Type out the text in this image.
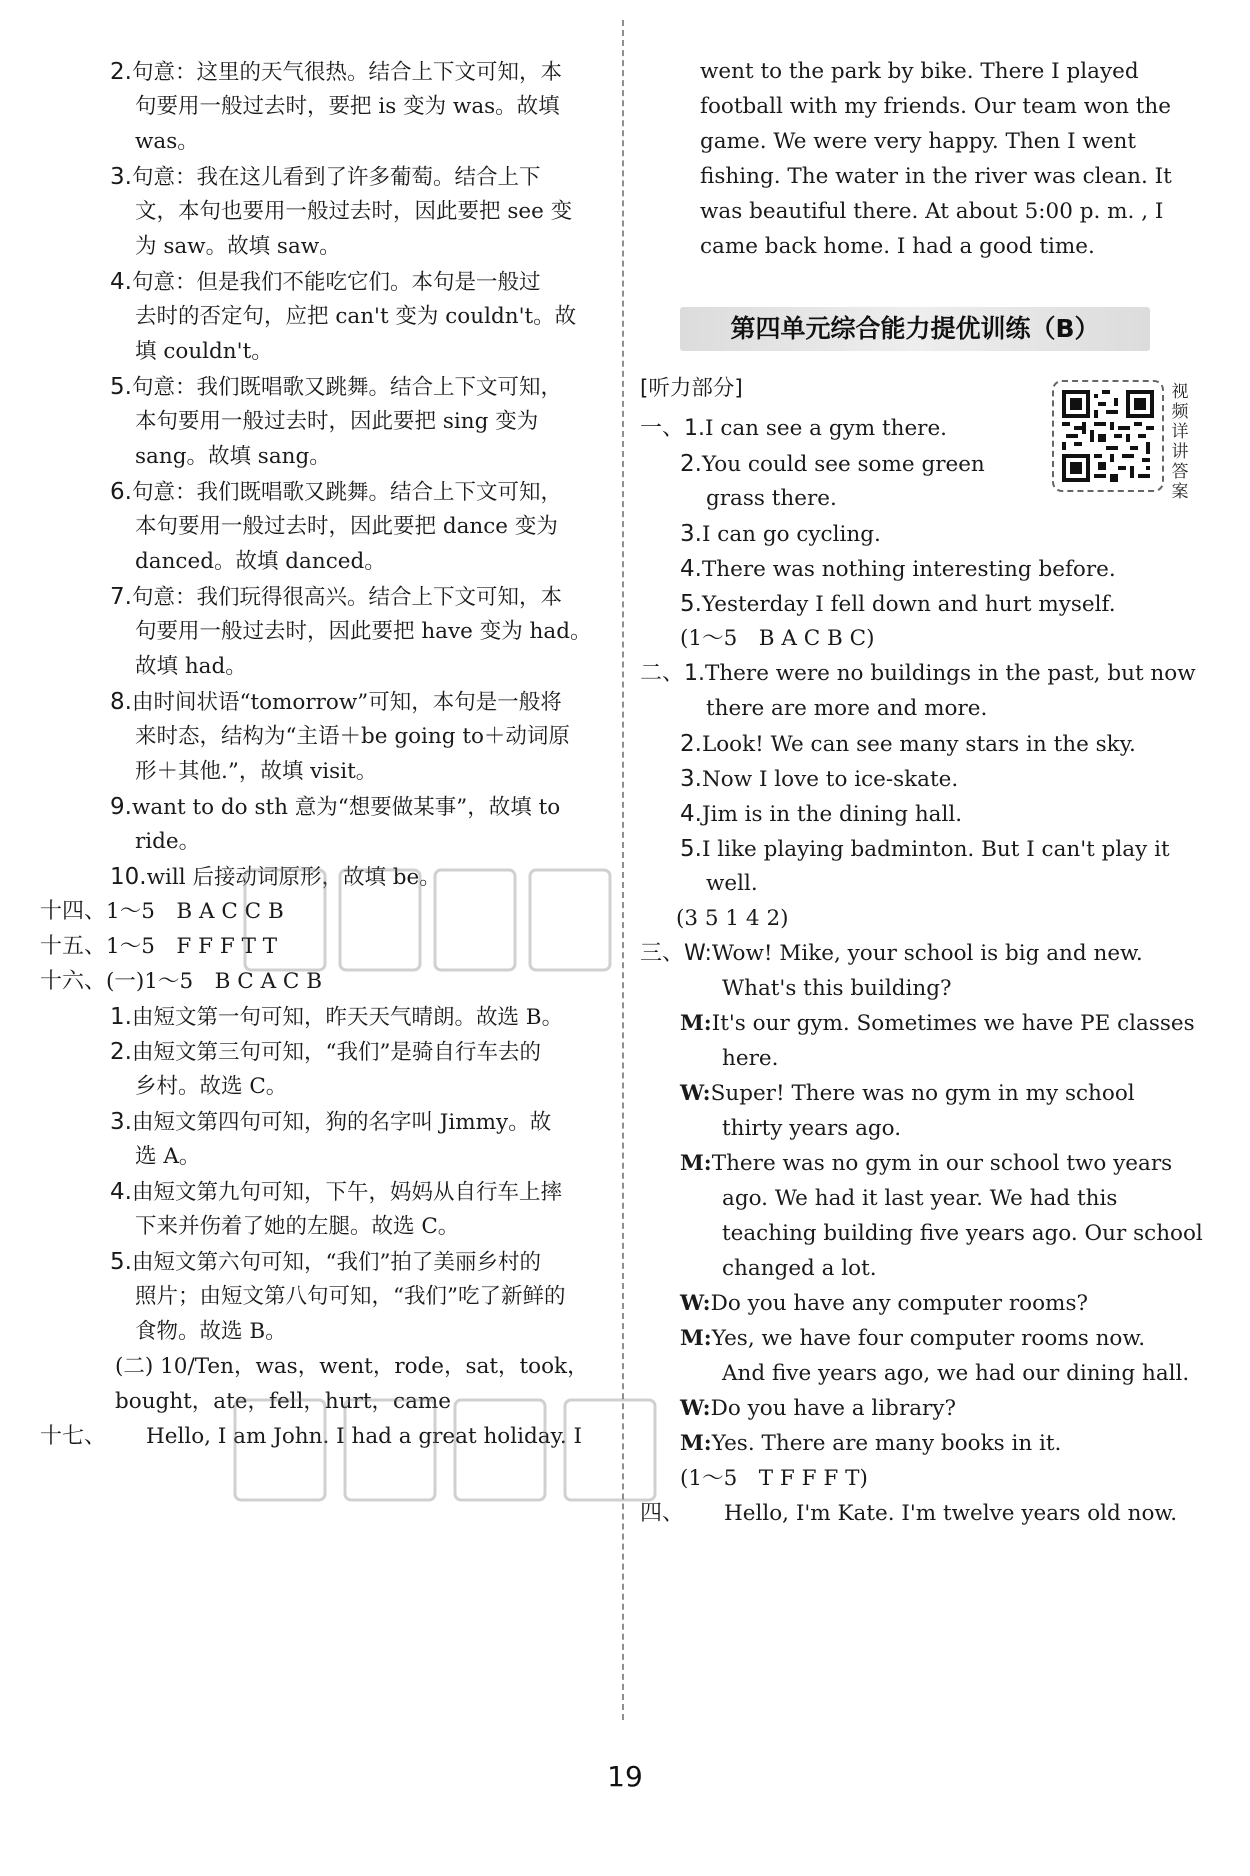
2.句意：这里的天气很热。结合上下文可知，本
句要用一般过去时，要把 is 变为 was。故填
was。
3.句意：我在这儿看到了许多葡萄。结合上下
文，本句也要用一般过去时，因此要把 see 变
为 saw。故填 saw。
4.句意：但是我们不能吃它们。本句是一般过
去时的否定句，应把 can't 变为 couldn't。故
填 couldn't。
5.句意：我们既唱歌又跳舞。结合上下文可知，
本句要用一般过去时，因此要把 sing 变为
sang。故填 sang。
6.句意：我们既唱歌又跳舞。结合上下文可知，
本句要用一般过去时，因此要把 dance 变为
danced。故填 danced。
7.句意：我们玩得很高兴。结合上下文可知，本
句要用一般过去时，因此要把 have 变为 had。
故填 had。
8.由时间状语“tomorrow”可知，本句是一般将
来时态，结构为“主语＋be going to＋动词原
形＋其他.”，故填 visit。
9.want to do sth 意为“想要做某事”，故填 to
ride。
10.will 后接动词原形，故填 be。
十四、1～5　B A C C B
十五、1～5　F F F T T
十六、(一)1～5　B C A C B
1.由短文第一句可知，昨天天气晴朗。故选 B。
2.由短文第三句可知，“我们”是骑自行车去的
乡村。故选 C。
3.由短文第四句可知，狗的名字叫 Jimmy。故
选 A。
4.由短文第九句可知，下午，妈妈从自行车上摔
下来并伤着了她的左腿。故选 C。
5.由短文第六句可知，“我们”拍了美丽乡村的
照片；由短文第八句可知，“我们”吃了新鲜的
食物。故选 B。
(二) 10/Ten，was，went，rode，sat，took，
bought，ate，fell，hurt，came
十七、 Hello, I am John. I had a great holiday. I
went to the park by bike. There I played
football with my friends. Our team won the
game. We were very happy. Then I went
fishing. The water in the river was clean. It
was beautiful there. At about 5:00 p. m. , I
came back home. I had a good time.
第四单元综合能力提优训练（B）
[听力部分]	视频详讲答案
一、1.I can see a gym there.
2.You could see some green
grass there.
3.I can go cycling.
4.There was nothing interesting before.
5.Yesterday I fell down and hurt myself.
(1～5　B A C B C)
二、1.There were no buildings in the past, but now
there are more and more.
2.Look! We can see many stars in the sky.
3.Now I love to ice-skate.
4.Jim is in the dining hall.
5.I like playing badminton. But I can't play it
well.
(3 5 1 4 2)
三、W:Wow! Mike, your school is big and new.
What's this building?
M:It's our gym. Sometimes we have PE classes
here.
W:Super! There was no gym in my school
thirty years ago.
M:There was no gym in our school two years
ago. We had it last year. We had this
teaching building five years ago. Our school
changed a lot.
W:Do you have any computer rooms?
M:Yes, we have four computer rooms now.
And five years ago, we had our dining hall.
W:Do you have a library?
M:Yes. There are many books in it.
(1～5　T F F F T)
四、 Hello, I'm Kate. I'm twelve years old now.
19
